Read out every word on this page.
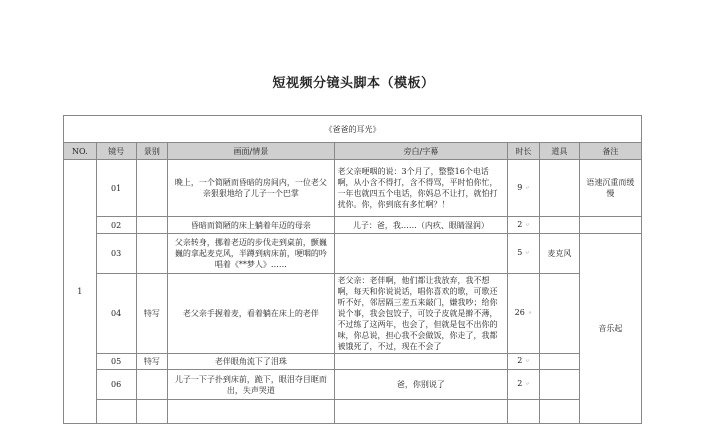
短视频分镜头脚本（模板）
《爸爸的耳光》							
NO.	镜号	景别	画面/情景	旁白/字幕	时长	道具	备注
1	01		晚上，一个简陋而昏暗的房间内，一位老父亲狠狠地给了儿子一个巴掌	老父亲哽咽的说：3个月了，整整16个电话啊，从小含不得打，含不得骂，平时怕你忙，一年也就四五个电话，你妈总不让打，就怕打扰你。你，你到底有多忙啊？！	9 〃		语速沉重而缓慢
	02		昏暗而简陋的床上躺着年迈的母亲	儿子：爸，我……（内疚、眼睛湿润）	2 〃		
	03		父亲转身，挪着老迈的步伐走到桌前，颤巍巍的拿起麦克风，半蹲到病床前，哽咽的吟唱着《**梦人》……		5 〃	麦克风	音乐起
	04	特写	老父亲手握着麦，看着躺在床上的老伴	老父亲：老伴啊，他们都让我放弃，我不想啊，每天和你说说话，唱你喜欢的歌，可歌还听不好，邻居隔三差五来敲门，嫌我吵；给你说个事，我会包饺子，可饺子皮就是擀不薄，不过练了这两年，也会了，但就是包不出你的味，你总说，担心我不会做饭，你走了，我都被饿死了，不过，现在不会了	26 〃		
	05	特写	老伴眼角流下了泪珠		2 〃		
	06		儿子一下子扑到床前，跪下，眼泪夺目眶而出，失声哭道	爸，你别说了	2 〃		
